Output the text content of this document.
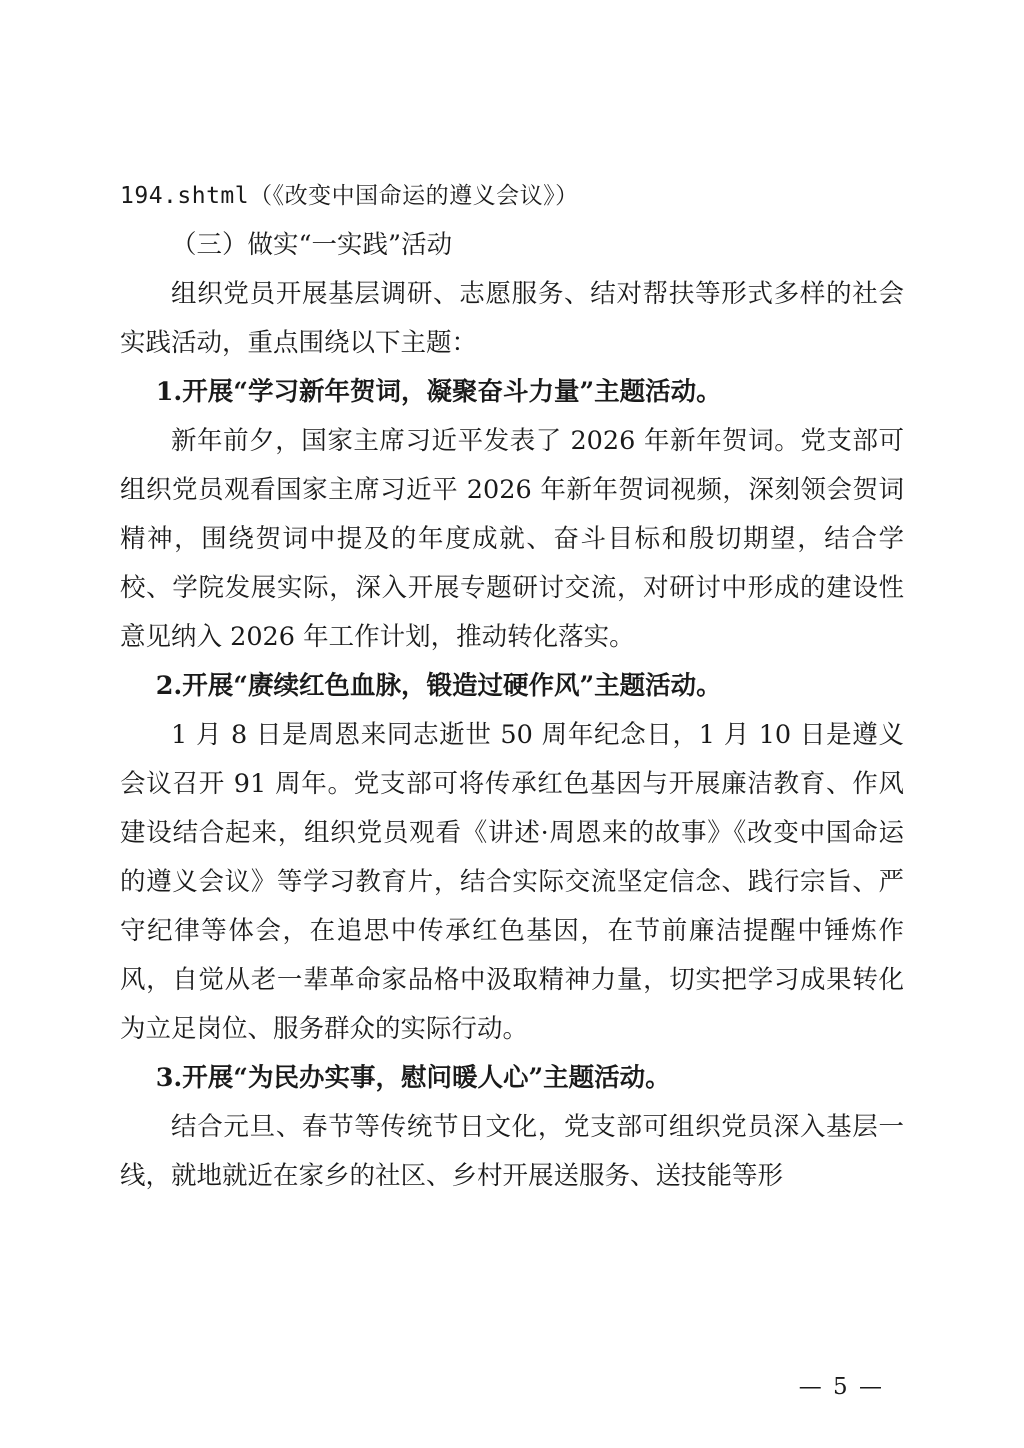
194.shtml（《改变中国命运的遵义会议》）

（三）做实“一实践”活动

组织党员开展基层调研、志愿服务、结对帮扶等形式多样的社会实践活动，重点围绕以下主题：

1.开展“学习新年贺词，凝聚奋斗力量”主题活动。

新年前夕，国家主席习近平发表了 2026 年新年贺词。党支部可组织党员观看国家主席习近平 2026 年新年贺词视频，深刻领会贺词精神，围绕贺词中提及的年度成就、奋斗目标和殷切期望，结合学校、学院发展实际，深入开展专题研讨交流，对研讨中形成的建设性意见纳入 2026 年工作计划，推动转化落实。

2.开展“赓续红色血脉，锻造过硬作风”主题活动。

1 月 8 日是周恩来同志逝世 50 周年纪念日，1 月 10 日是遵义会议召开 91 周年。党支部可将传承红色基因与开展廉洁教育、作风建设结合起来，组织党员观看《讲述·周恩来的故事》《改变中国命运的遵义会议》等学习教育片，结合实际交流坚定信念、践行宗旨、严守纪律等体会，在追思中传承红色基因，在节前廉洁提醒中锤炼作风，自觉从老一辈革命家品格中汲取精神力量，切实把学习成果转化为立足岗位、服务群众的实际行动。

3.开展“为民办实事，慰问暖人心”主题活动。

结合元旦、春节等传统节日文化，党支部可组织党员深入基层一线，就地就近在家乡的社区、乡村开展送服务、送技能等形

— 5 —
